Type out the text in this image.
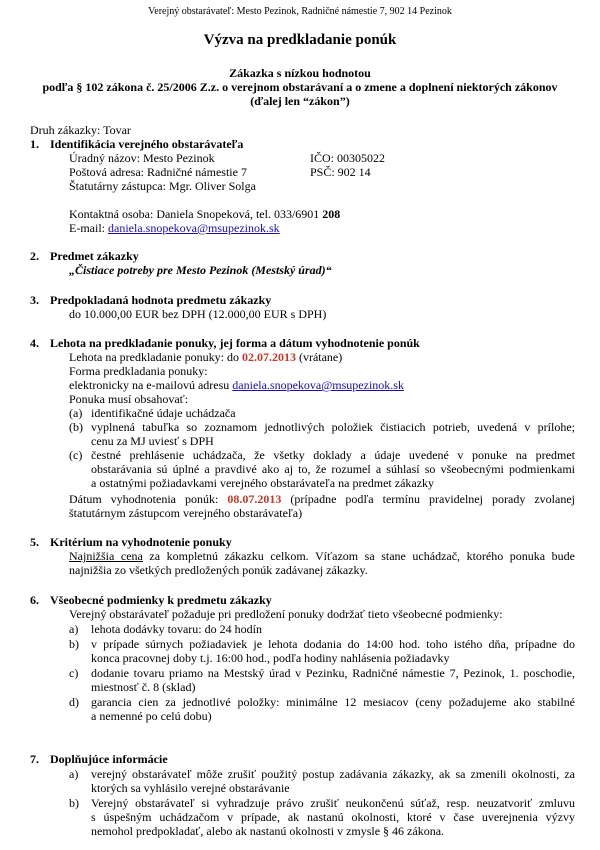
Verejný obstarávateľ: Mesto Pezinok, Radničné námestie 7, 902 14 Pezinok
Výzva na predkladanie ponúk
Zákazka s nízkou hodnotou
podľa § 102 zákona č. 25/2006 Z.z. o verejnom obstarávaní a o zmene a doplnení niektorých zákonov
(ďalej len “zákon”)
Druh zákazky: Tovar
1. Identifikácia verejného obstarávateľa
Úradný názov: Mesto Pezinok	IČO: 00305022
Poštová adresa: Radničné námestie 7	PSČ: 902 14
Štatutárny zástupca: Mgr. Oliver Solga
Kontaktná osoba: Daniela Snopeková, tel. 033/6901 208
E-mail: daniela.snopekova@msupezinok.sk
2. Predmet zákazky
„Čistiace potreby pre Mesto Pezinok (Mestský úrad)“
3. Predpokladaná hodnota predmetu zákazky
do 10.000,00 EUR bez DPH (12.000,00 EUR s DPH)
4. Lehota na predkladanie ponuky, jej forma a dátum vyhodnotenie ponúk
Lehota na predkladanie ponuky: do 02.07.2013 (vrátane)
Forma predkladania ponuky:
elektronicky na e-mailovú adresu daniela.snopekova@msupezinok.sk
Ponuka musí obsahovať:
(a) identifikačné údaje uchádzača
(b) vyplnená tabuľka so zoznamom jednotlivých položiek čistiacich potrieb, uvedená v prílohe;
cenu za MJ uviesť s DPH
(c) čestné prehlásenie uchádzača, že všetky doklady a údaje uvedené v ponuke na predmet
obstarávania sú úplné a pravdivé ako aj to, že rozumel a súhlasí so všeobecnými podmienkami
a ostatnými požiadavkami verejného obstarávateľa na predmet zákazky
Dátum vyhodnotenia ponúk: 08.07.2013 (prípadne podľa termínu pravidelnej porady zvolanej
štatutárnym zástupcom verejného obstarávateľa)
5. Kritérium na vyhodnotenie ponuky
Najnižšia cena za kompletnú zákazku celkom. Víťazom sa stane uchádzač, ktorého ponuka bude
najnižšia zo všetkých predložených ponúk zadávanej zákazky.
6. Všeobecné podmienky k predmetu zákazky
Verejný obstarávateľ požaduje pri predložení ponuky dodržať tieto všeobecné podmienky:
a) lehota dodávky tovaru: do 24 hodín
b) v prípade súrnych požiadaviek je lehota dodania do 14:00 hod. toho istého dňa, prípadne do
konca pracovnej doby t.j. 16:00 hod., podľa hodiny nahlásenia požiadavky
c) dodanie tovaru priamo na Mestský úrad v Pezinku, Radničné námestie 7, Pezinok, 1. poschodie,
miestnosť č. 8 (sklad)
d) garancia cien za jednotlivé položky: minimálne 12 mesiacov (ceny požadujeme ako stabilné
a nemenné po celú dobu)
7. Doplňujúce informácie
a) verejný obstarávateľ môže zrušiť použitý postup zadávania zákazky, ak sa zmenili okolnosti, za
ktorých sa vyhlásilo verejné obstarávanie
b) Verejný obstarávateľ si vyhradzuje právo zrušiť neukončenú súťaž, resp. neuzatvoriť zmluvu
s úspešným uchádzačom v prípade, ak nastanú okolnosti, ktoré v čase uverejnenia výzvy
nemohol predpokladať, alebo ak nastanú okolnosti v zmysle § 46 zákona.
